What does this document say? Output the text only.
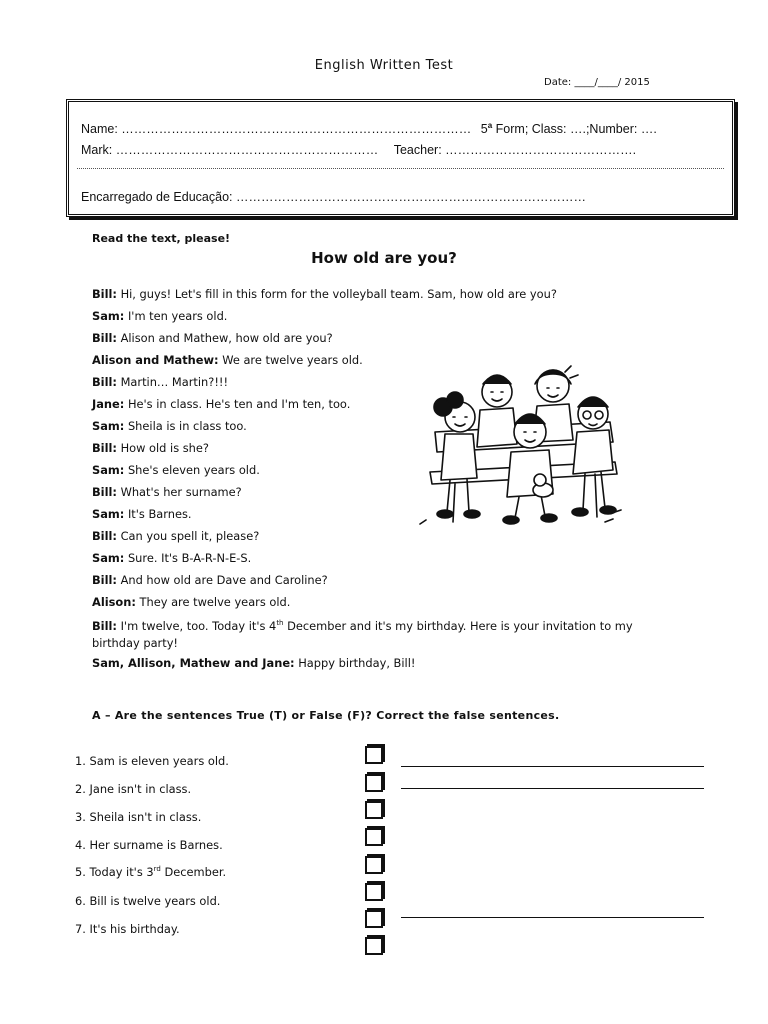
English Written Test
Date: ____/____/ 2015
Name: ………………………………………………………………………… 5$^a$ Form; Class: ….;Number: ….
Mark: ……………………………………………………… Teacher: ……………………………………….
Encarregado de Educação: …………………………………………………………………………
Read the text, please!
How old are you?
Bill: Hi, guys! Let's fill in this form for the volleyball team. Sam, how old are you?
Sam: I'm ten years old.
Bill: Alison and Mathew, how old are you?
Alison and Mathew: We are twelve years old.
Bill: Martin… Martin?!!!
Jane: He's in class. He's ten and I'm ten, too.
Sam: Sheila is in class too.
Bill: How old is she?
Sam: She's eleven years old.
Bill: What's her surname?
Sam: It's Barnes.
Bill: Can you spell it, please?
Sam: Sure. It's B-A-R-N-E-S.
Bill: And how old are Dave and Caroline?
Alison: They are twelve years old.
Bill: I'm twelve, too. Today it's 4th December and it's my birthday. Here is your invitation to my birthday party!
Sam, Allison, Mathew and Jane: Happy birthday, Bill!
A – Are the sentences True (T) or False (F)? Correct the false sentences.
1. Sam is eleven years old.
2. Jane isn't in class.
3. Sheila isn't in class.
4. Her surname is Barnes.
5. Today it's 3rd December.
6. Bill is twelve years old.
7. It's his birthday.
